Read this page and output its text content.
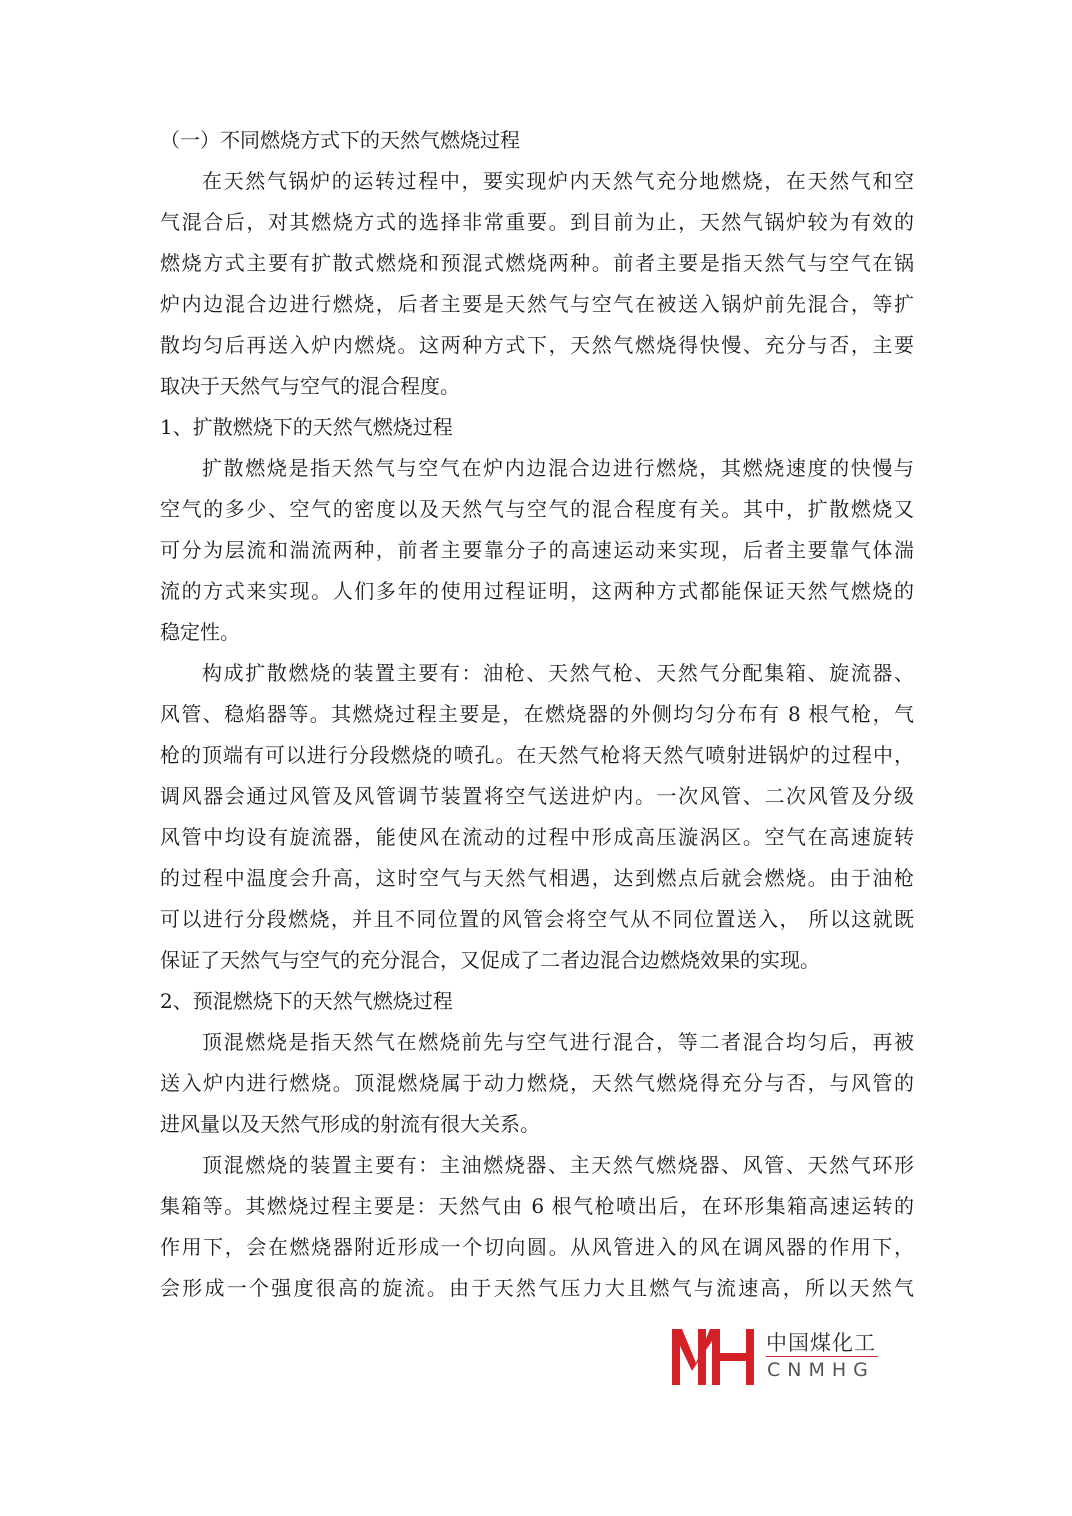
（一）不同燃烧方式下的天然气燃烧过程
在天然气锅炉的运转过程中，要实现炉内天然气充分地燃烧，在天然气和空
气混合后，对其燃烧方式的选择非常重要。到目前为止，天然气锅炉较为有效的
燃烧方式主要有扩散式燃烧和预混式燃烧两种。前者主要是指天然气与空气在锅
炉内边混合边进行燃烧，后者主要是天然气与空气在被送入锅炉前先混合，等扩
散均匀后再送入炉内燃烧。这两种方式下，天然气燃烧得快慢、充分与否，主要
取决于天然气与空气的混合程度。
1、扩散燃烧下的天然气燃烧过程
扩散燃烧是指天然气与空气在炉内边混合边进行燃烧，其燃烧速度的快慢与
空气的多少、空气的密度以及天然气与空气的混合程度有关。其中，扩散燃烧又
可分为层流和湍流两种，前者主要靠分子的高速运动来实现，后者主要靠气体湍
流的方式来实现。人们多年的使用过程证明，这两种方式都能保证天然气燃烧的
稳定性。
构成扩散燃烧的装置主要有：油枪、天然气枪、天然气分配集箱、旋流器、
风管、稳焰器等。其燃烧过程主要是，在燃烧器的外侧均匀分布有 8 根气枪，气
枪的顶端有可以进行分段燃烧的喷孔。在天然气枪将天然气喷射进锅炉的过程中，
调风器会通过风管及风管调节装置将空气送进炉内。一次风管、二次风管及分级
风管中均设有旋流器，能使风在流动的过程中形成高压漩涡区。空气在高速旋转
的过程中温度会升高，这时空气与天然气相遇，达到燃点后就会燃烧。由于油枪
可以进行分段燃烧，并且不同位置的风管会将空气从不同位置送入， 所以这就既
保证了天然气与空气的充分混合，又促成了二者边混合边燃烧效果的实现。
2、预混燃烧下的天然气燃烧过程
顶混燃烧是指天然气在燃烧前先与空气进行混合，等二者混合均匀后，再被
送入炉内进行燃烧。顶混燃烧属于动力燃烧，天然气燃烧得充分与否，与风管的
进风量以及天然气形成的射流有很大关系。
顶混燃烧的装置主要有：主油燃烧器、主天然气燃烧器、风管、天然气环形
集箱等。其燃烧过程主要是：天然气由 6 根气枪喷出后，在环形集箱高速运转的
作用下，会在燃烧器附近形成一个切向圆。从风管进入的风在调风器的作用下，
会形成一个强度很高的旋流。由于天然气压力大且燃气与流速高，所以天然气
中国煤化工
CNMHG
